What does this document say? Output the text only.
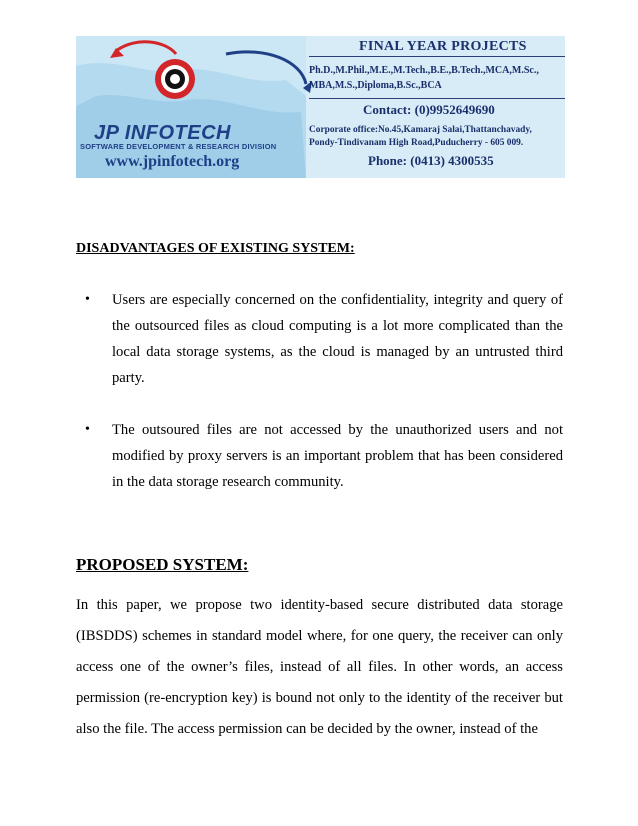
JP INFOTECH
SOFTWARE DEVELOPMENT & RESEARCH DIVISION
www.jpinfotech.org
FINAL YEAR PROJECTS
Ph.D.,M.Phil.,M.E.,M.Tech.,B.E.,B.Tech.,MCA,M.Sc.,
MBA,M.S.,Diploma,B.Sc.,BCA
Contact: (0)9952649690
Corporate office:No.45,Kamaraj Salai,Thattanchavady,
Pondy-Tindivanam High Road,Puducherry - 605 009.
Phone: (0413) 4300535
DISADVANTAGES OF EXISTING SYSTEM:
• Users are especially concerned on the confidentiality, integrity and query of the outsourced files as cloud computing is a lot more complicated than the local data storage systems, as the cloud is managed by an untrusted third party.
• The outsoured files are not accessed by the unauthorized users and not modified by proxy servers is an important problem that has been considered in the data storage research community.
PROPOSED SYSTEM:

In this paper, we propose two identity-based secure distributed data storage (IBSDDS) schemes in standard model where, for one query, the receiver can only access one of the owner’s files, instead of all files. In other words, an access permission (re-encryption key) is bound not only to the identity of the receiver but also the file. The access permission can be decided by the owner, instead of the
